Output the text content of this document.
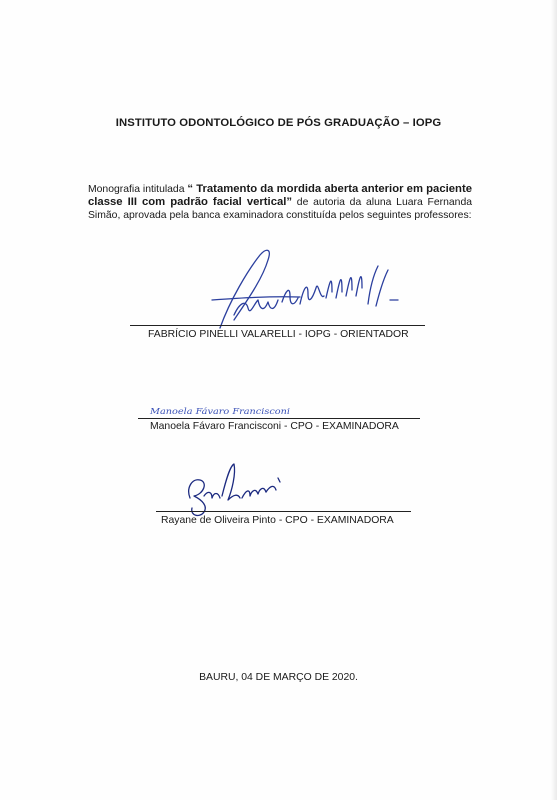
INSTITUTO ODONTOLÓGICO DE PÓS GRADUAÇÃO – IOPG
Monografia intitulada “ Tratamento da mordida aberta anterior em paciente classe III com padrão facial vertical” de autoria da aluna Luara Fernanda Simão, aprovada pela banca examinadora constituída pelos seguintes professores:
FABRÍCIO PINELLI VALARELLI - IOPG - ORIENTADOR
Manoela Fávaro Francisconi
Manoela Fávaro Francisconi - CPO - EXAMINADORA
Rayane de Oliveira Pinto - CPO - EXAMINADORA
BAURU, 04 DE MARÇO DE 2020.
